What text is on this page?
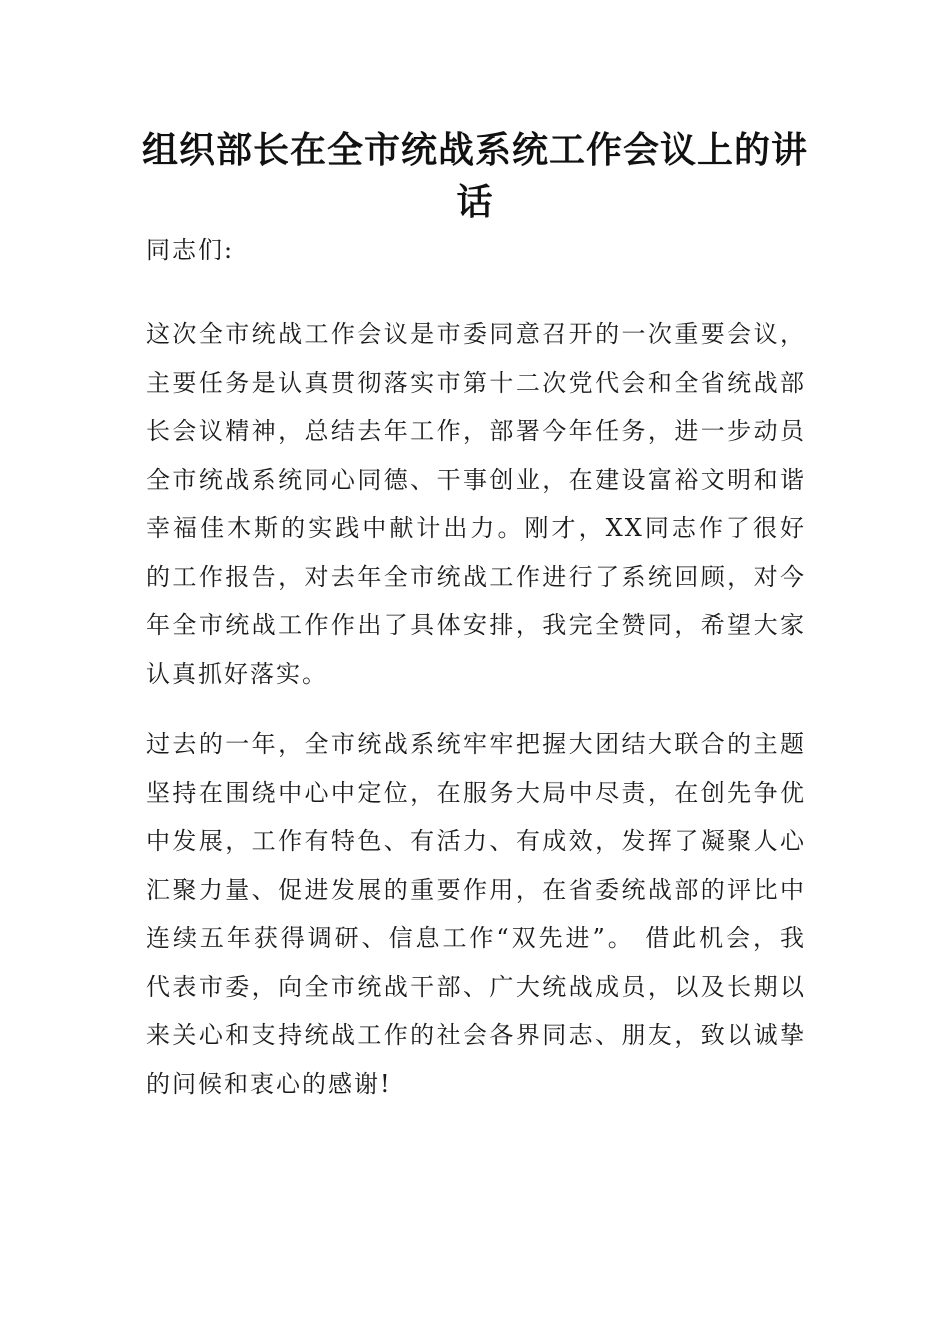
组织部长在全市统战系统工作会议上的讲话

同志们:

这次全市统战工作会议是市委同意召开的一次重要会议，主要任务是认真贯彻落实市第十二次党代会和全省统战部长会议精神，总结去年工作，部署今年任务，进一步动员全市统战系统同心同德、干事创业，在建设富裕文明和谐幸福佳木斯的实践中献计出力。刚才，XX同志作了很好的工作报告，对去年全市统战工作进行了系统回顾，对今年全市统战工作作出了具体安排，我完全赞同，希望大家认真抓好落实。

过去的一年，全市统战系统牢牢把握大团结大联合的主题坚持在围绕中心中定位，在服务大局中尽责，在创先争优中发展，工作有特色、有活力、有成效，发挥了凝聚人心汇聚力量、促进发展的重要作用，在省委统战部的评比中连续五年获得调研、信息工作“双先进”。 借此机会，我代表市委，向全市统战干部、广大统战成员，以及长期以来关心和支持统战工作的社会各界同志、朋友，致以诚挚的问候和衷心的感谢!
